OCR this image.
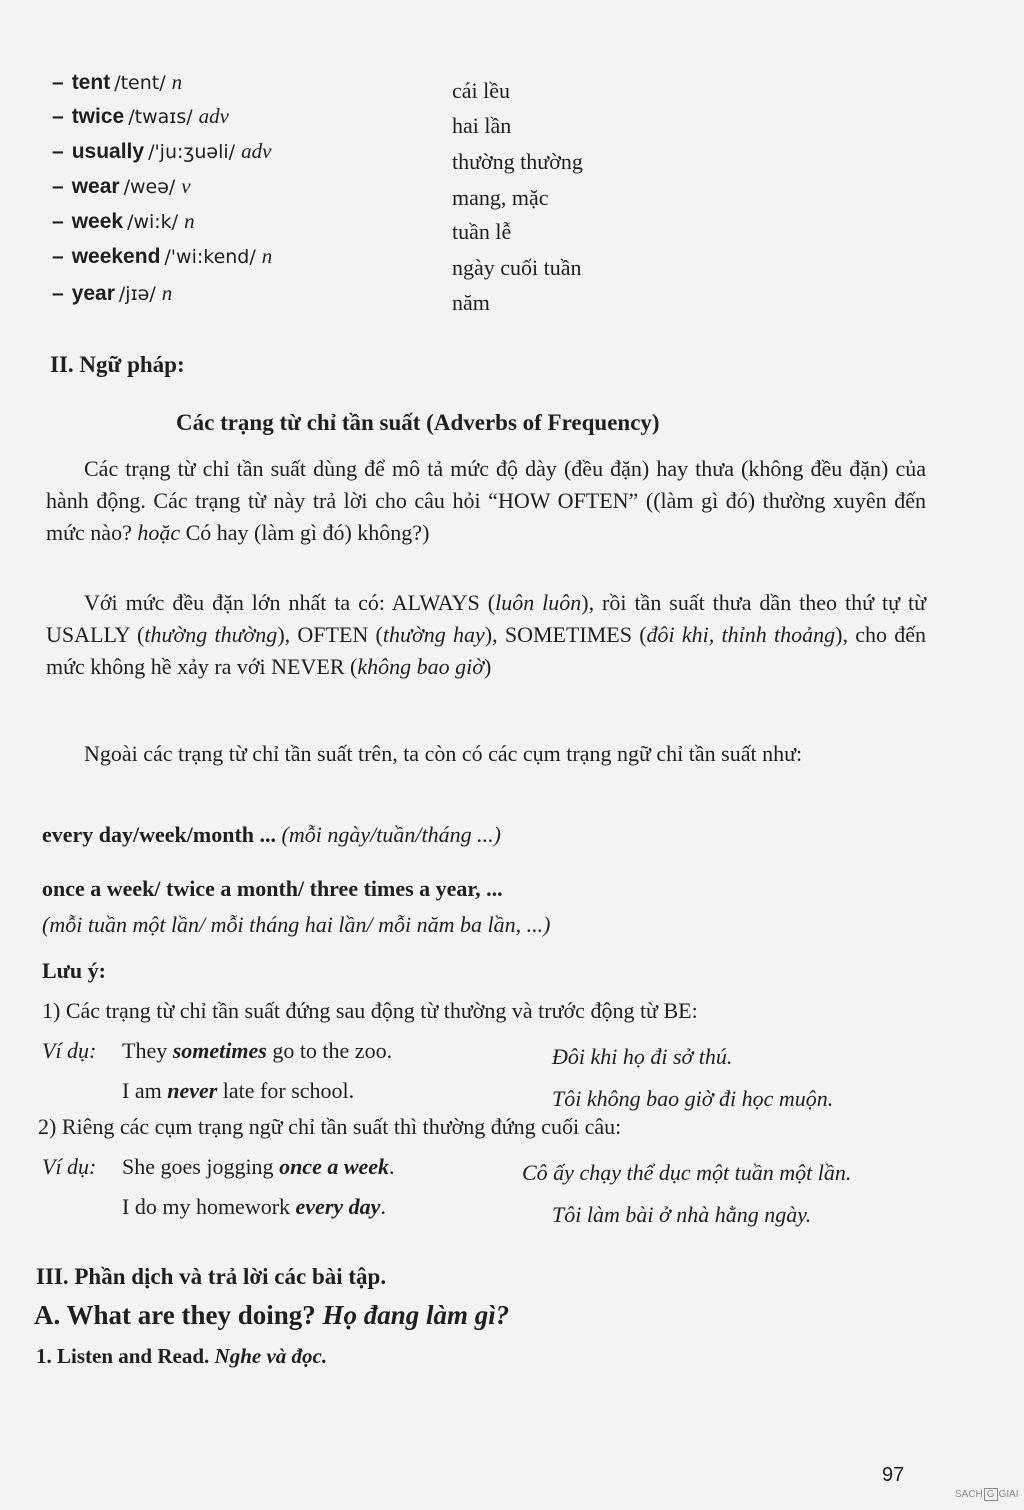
– tent /tent/ n	cái lều
– twice /twaɪs/ adv	hai lần
– usually /'ju:ʒuəli/ adv	thường thường
– wear /weə/ v	mang, mặc
– week /wi:k/ n	tuần lễ
– weekend /'wi:kend/ n	ngày cuối tuần
– year /jɪə/ n	năm
II. Ngữ pháp:
Các trạng từ chỉ tần suất (Adverbs of Frequency)
Các trạng từ chỉ tần suất dùng để mô tả mức độ dày (đều đặn) hay thưa (không đều đặn) của hành động. Các trạng từ này trả lời cho câu hỏi “HOW OFTEN” ((làm gì đó) thường xuyên đến mức nào? hoặc Có hay (làm gì đó) không?)
Với mức đều đặn lớn nhất ta có: ALWAYS (luôn luôn), rồi tần suất thưa dần theo thứ tự từ USALLY (thường thường), OFTEN (thường hay), SOMETIMES (đôi khi, thỉnh thoảng), cho đến mức không hề xảy ra với NEVER (không bao giờ)
Ngoài các trạng từ chỉ tần suất trên, ta còn có các cụm trạng ngữ chỉ tần suất như:
every day/week/month ... (mỗi ngày/tuần/tháng ...)
once a week/ twice a month/ three times a year, ...
(mỗi tuần một lần/ mỗi tháng hai lần/ mỗi năm ba lần, ...)
Lưu ý:
1) Các trạng từ chỉ tần suất đứng sau động từ thường và trước động từ BE:
Ví dụ: They sometimes go to the zoo.	Đôi khi họ đi sở thú.
I am never late for school.	Tôi không bao giờ đi học muộn.
2) Riêng các cụm trạng ngữ chỉ tần suất thì thường đứng cuối câu:
Ví dụ: She goes jogging once a week.	Cô ấy chạy thể dục một tuần một lần.
I do my homework every day.	Tôi làm bài ở nhà hằng ngày.
III. Phần dịch và trả lời các bài tập.
A. What are they doing? Họ đang làm gì?
1. Listen and Read. Nghe và đọc.
97
SACH G GIAI
